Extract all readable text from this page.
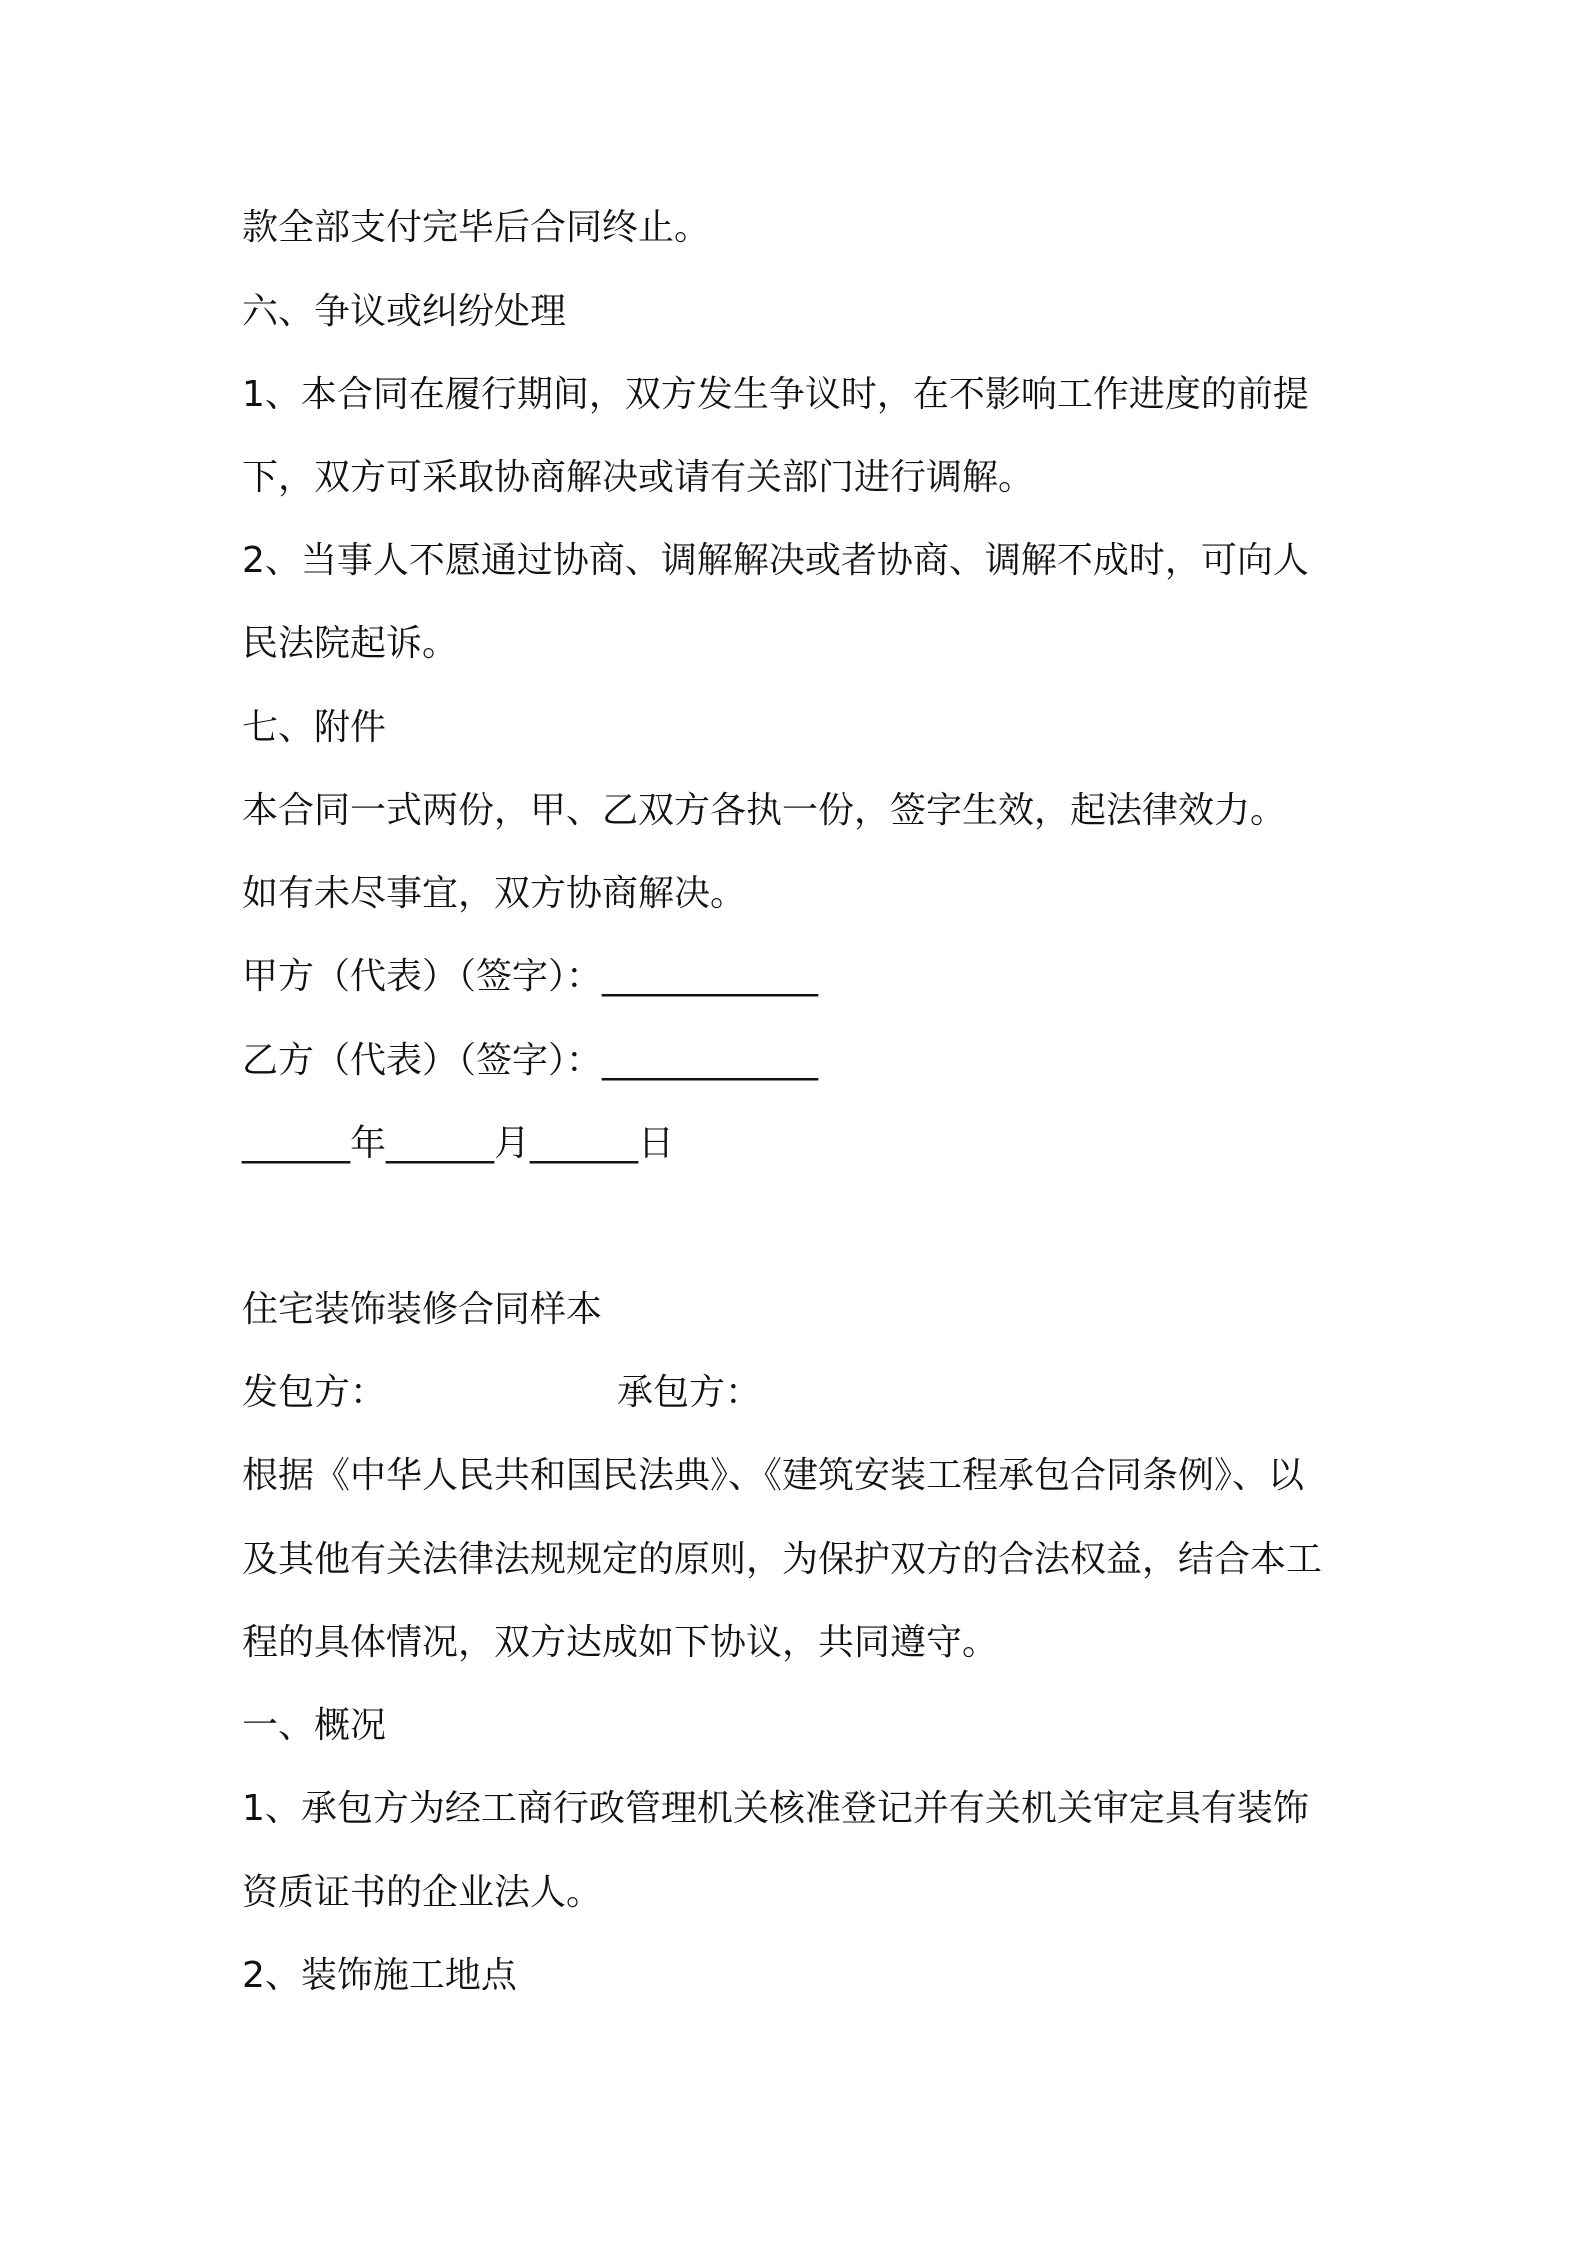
款全部支付完毕后合同终止。
六、争议或纠纷处理
1、本合同在履行期间，双方发生争议时，在不影响工作进度的前提
下，双方可采取协商解决或请有关部门进行调解。
2、当事人不愿通过协商、调解解决或者协商、调解不成时，可向人
民法院起诉。
七、附件
本合同一式两份，甲、乙双方各执一份，签字生效，起法律效力。
如有未尽事宜，双方协商解决。
甲方（代表）（签字）：____________
乙方（代表）（签字）：____________
______年______月______日
住宅装饰装修合同样本
发包方：	承包方：
根据《中华人民共和国民法典》、《建筑安装工程承包合同条例》、以
及其他有关法律法规规定的原则，为保护双方的合法权益，结合本工
程的具体情况，双方达成如下协议，共同遵守。
一、概况
1、承包方为经工商行政管理机关核准登记并有关机关审定具有装饰
资质证书的企业法人。
2、装饰施工地点
